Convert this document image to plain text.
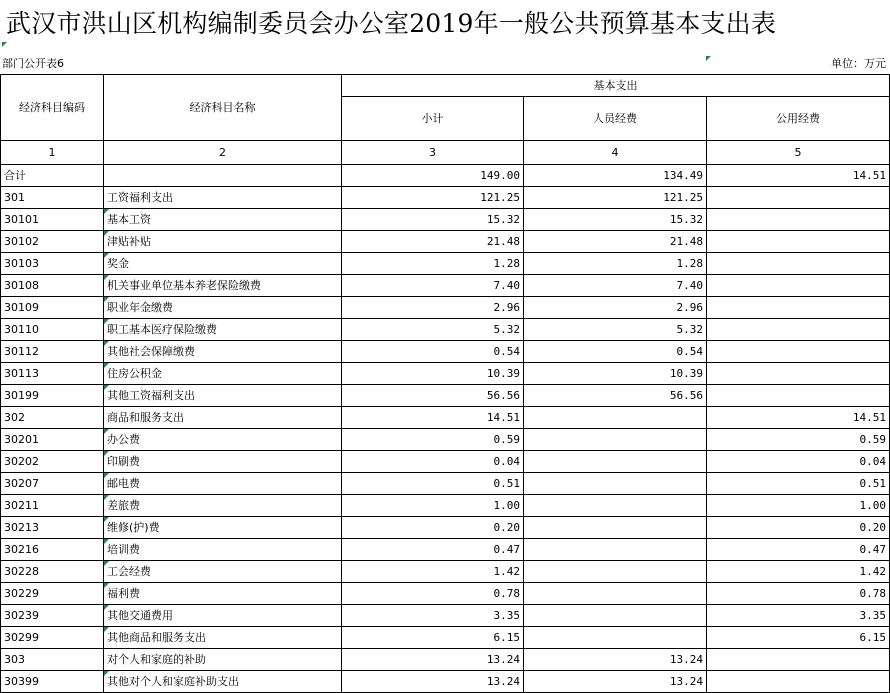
武汉市洪山区机构编制委员会办公室2019年一般公共预算基本支出表
部门公开表6	单位：万元
经济科目编码	经济科目名称	基本支出		
		小计	人员经费	公用经费
1	2	3	4	5
合计		149.00	134.49	14.51
301	工资福利支出	121.25	121.25	
30101	基本工资	15.32	15.32	
30102	津贴补贴	21.48	21.48	
30103	奖金	1.28	1.28	
30108	机关事业单位基本养老保险缴费	7.40	7.40	
30109	职业年金缴费	2.96	2.96	
30110	职工基本医疗保险缴费	5.32	5.32	
30112	其他社会保障缴费	0.54	0.54	
30113	住房公积金	10.39	10.39	
30199	其他工资福利支出	56.56	56.56	
302	商品和服务支出	14.51		14.51
30201	办公费	0.59		0.59
30202	印刷费	0.04		0.04
30207	邮电费	0.51		0.51
30211	差旅费	1.00		1.00
30213	维修(护)费	0.20		0.20
30216	培训费	0.47		0.47
30228	工会经费	1.42		1.42
30229	福利费	0.78		0.78
30239	其他交通费用	3.35		3.35
30299	其他商品和服务支出	6.15		6.15
303	对个人和家庭的补助	13.24	13.24	
30399	其他对个人和家庭补助支出	13.24	13.24	
